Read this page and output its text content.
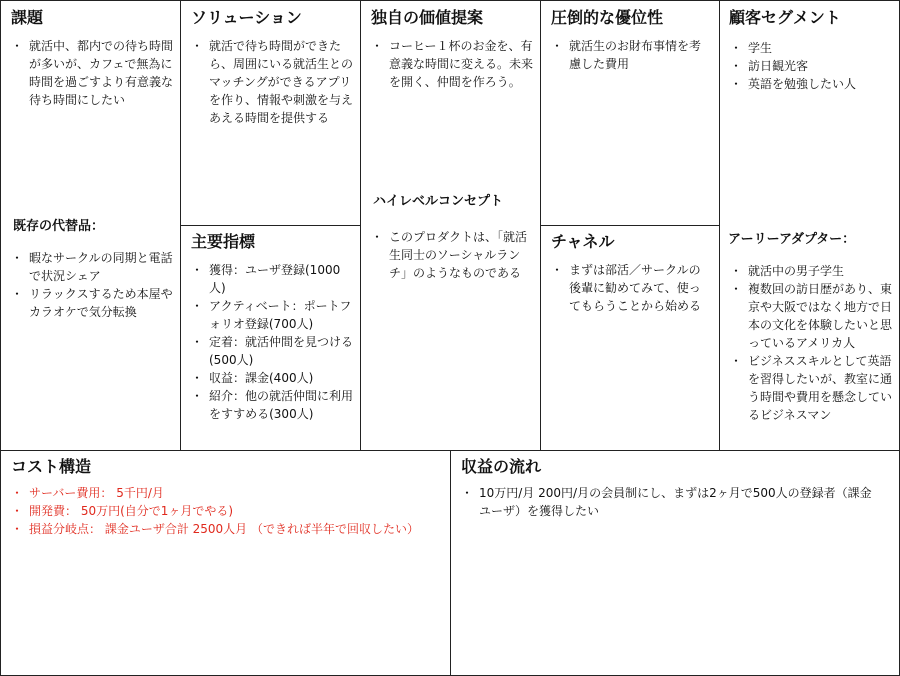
課題
・ 就活中、都内での待ち時間が多いが、カフェで無為に時間を過ごすより有意義な待ち時間にしたい
既存の代替品：
・ 暇なサークルの同期と電話で状況シェア
・ リラックスするため本屋やカラオケで気分転換
ソリューション
・ 就活で待ち時間ができたら、周囲にいる就活生とのマッチングができるアプリを作り、情報や刺激を与えあえる時間を提供する
主要指標
・ 獲得：ユーザ登録(1000人)
・ アクティベート：ポートフォリオ登録(700人)
・ 定着：就活仲間を見つける(500人)
・ 収益：課金(400人)
・ 紹介：他の就活仲間に利用をすすめる(300人)
独自の価値提案
・ コーヒー１杯のお金を、有意義な時間に変える。未来を開く、仲間を作ろう。
ハイレベルコンセプト
・ このプロダクトは、「就活生同士のソーシャルランチ」のようなものである
圧倒的な優位性
・ 就活生のお財布事情を考慮した費用
チャネル
・ まずは部活／サークルの後輩に勧めてみて、使ってもらうことから始める
顧客セグメント
・ 学生
・ 訪日観光客
・ 英語を勉強したい人
アーリーアダプター：
・ 就活中の男子学生
・ 複数回の訪日歴があり、東京や大阪ではなく地方で日本の文化を体験したいと思っているアメリカ人
・ ビジネススキルとして英語を習得したいが、教室に通う時間や費用を懸念しているビジネスマン
コスト構造
・ サーバー費用： 5千円/月
・ 開発費： 50万円(自分で1ヶ月でやる)
・ 損益分岐点： 課金ユーザ合計 2500人月 （できれば半年で回収したい）
収益の流れ
・ 10万円/月 200円/月の会員制にし、まずは2ヶ月で500人の登録者（課金ユーザ）を獲得したい
